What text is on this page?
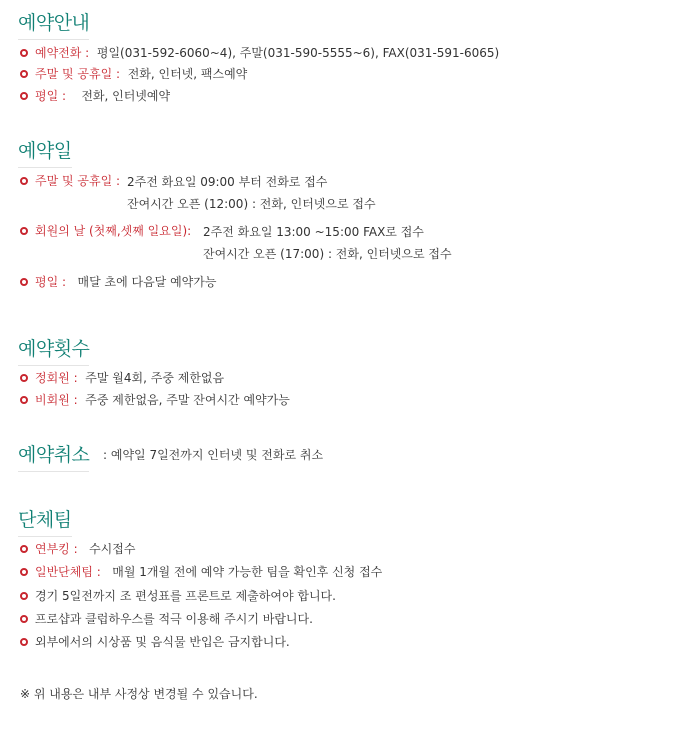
예약안내
예약전화 : 평일(031-592-6060~4), 주말(031-590-5555~6), FAX(031-591-6065)
주말 및 공휴일 : 전화, 인터넷, 팩스예약
평일 : 전화, 인터넷예약
예약일
주말 및 공휴일 : 2주전 화요일 09:00 부터 전화로 접수
잔여시간 오픈 (12:00) : 전화, 인터넷으로 접수
회원의 날 (첫째,셋째 일요일): 2주전 화요일 13:00 ~15:00 FAX로 접수
잔여시간 오픈 (17:00) : 전화, 인터넷으로 접수
평일 : 매달 초에 다음달 예약가능
예약횟수
정회원 : 주말 월4회, 주중 제한없음
비회원 : 주중 제한없음, 주말 잔여시간 예약가능
예약취소 : 예약일 7일전까지 인터넷 및 전화로 취소
단체팀
연부킹 : 수시접수
일반단체팀 : 매월 1개월 전에 예약 가능한 팀을 확인후 신청 접수
경기 5일전까지 조 편성표를 프론트로 제출하여야 합니다.
프로샵과 클럽하우스를 적극 이용해 주시기 바랍니다.
외부에서의 시상품 및 음식물 반입은 금지합니다.
※ 위 내용은 내부 사정상 변경될 수 있습니다.
